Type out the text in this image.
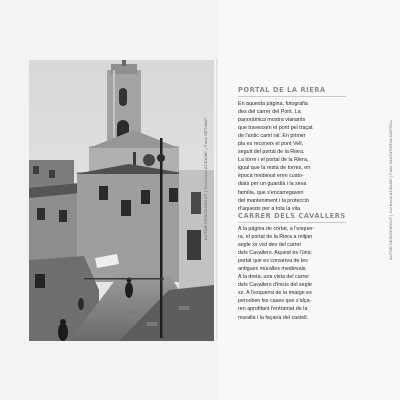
AUTOR DESCONEGUT | Col·lecció ACEAMC | Fons SETIMAT
PORTAL DE LA RIERA
En aquesta pàgina, fotografia
des del carrer del Pont. La
panoràmica mostra vianants
que travessen el pont pel traçat
de l'antic camí ral. En primer
pla es reconeix el pont Vell,
seguit del portal de la Riera.
La torre i el portal de la Riera,
igual que la resta de torres, en
època medieval eren custo-
diats per un guardià i la seva
família, que s'encarregaven
del manteniment i la protecció
d'aquests per a tota la vila.
CARRER DELS CAVALLERS
A la pàgina de cortat, a l'esquer-
ra, el portal de la Riera a mitjan
segle xx vist des del carrer
dels Cavallers. Aquest és l'únic
portal que es conserva de les
antigues muralles medievals.
A la dreta, una vista del carrer
dels Cavallers d'inicis del segle
xx. A l'esquerra de la imatge es
perceben les cases que s'alça-
ren aprofitant l'entramat de la
muralla i la façana del castell.
AUTOR DESCONEGUT | Col·lecció ACEAMC | Fons SANTATORSA CASTELL
